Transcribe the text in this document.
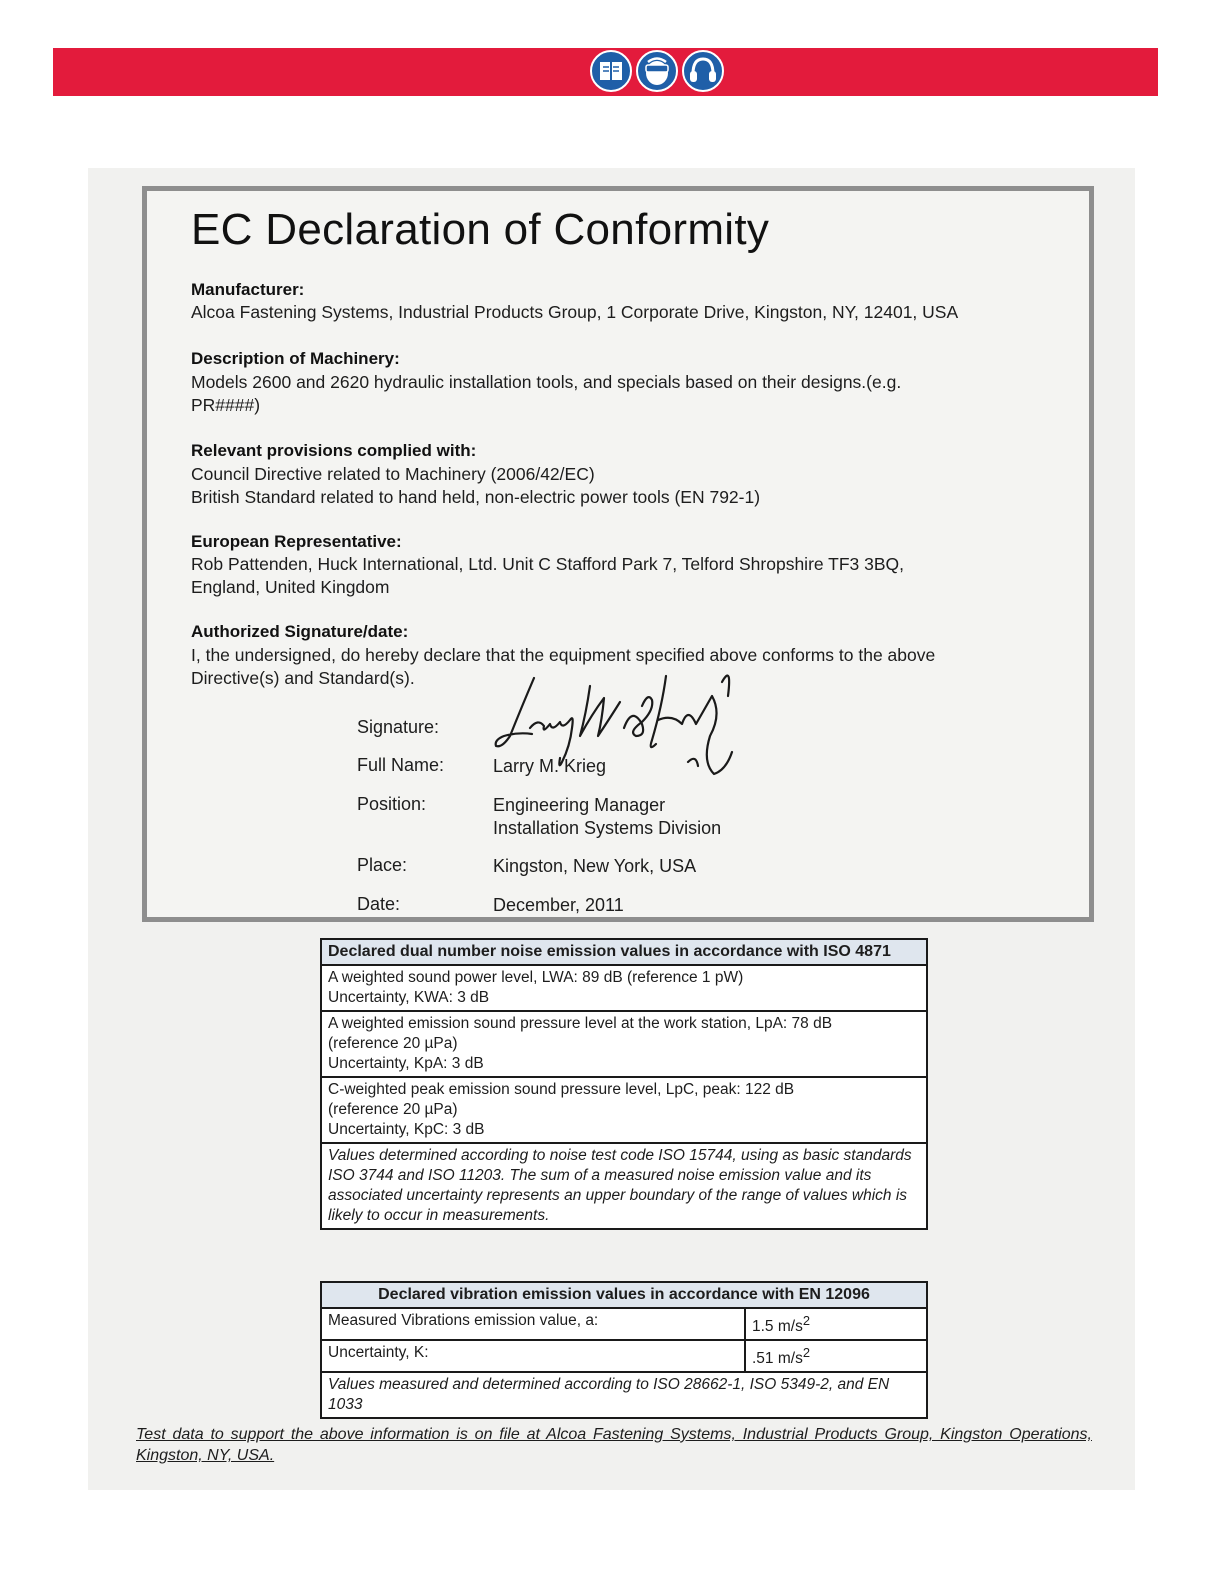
EC Declaration of Conformity
Manufacturer:
Alcoa Fastening Systems, Industrial Products Group, 1 Corporate Drive, Kingston, NY, 12401, USA
Description of Machinery:
Models 2600 and 2620 hydraulic installation tools, and specials based on their designs.(e.g.
PR####)
Relevant provisions complied with:
Council Directive related to Machinery (2006/42/EC)
British Standard related to hand held, non-electric power tools (EN 792-1)
European Representative:
Rob Pattenden, Huck International, Ltd. Unit C Stafford Park 7, Telford Shropshire TF3 3BQ,
England, United Kingdom
Authorized Signature/date:
I, the undersigned, do hereby declare that the equipment specified above conforms to the above
Directive(s) and Standard(s).
Signature:
Full Name:	Larry M. Krieg
Position:	Engineering Manager
Installation Systems Division
Place:	Kingston, New York, USA
Date:	December, 2011
Declared dual number noise emission values in accordance with ISO 4871

A weighted sound power level, LWA: 89 dB (reference 1 pW)
Uncertainty, KWA: 3 dB

A weighted emission sound pressure level at the work station, LpA: 78 dB
(reference 20 µPa)
Uncertainty, KpA: 3 dB

C-weighted peak emission sound pressure level, LpC, peak: 122 dB
(reference 20 µPa)
Uncertainty, KpC: 3 dB

Values determined according to noise test code ISO 15744, using as basic standards ISO 3744 and ISO 11203. The sum of a measured noise emission value and its associated uncertainty represents an upper boundary of the range of values which is likely to occur in measurements.
Declared vibration emission values in accordance with EN 12096	
Measured Vibrations emission value, a:	1.5 $m/s^2$
Uncertainty, K:	.51 $m/s^2$
Values measured and determined according to ISO 28662-1, ISO 5349-2, and EN 1033	
Test data to support the above information is on file at Alcoa Fastening Systems, Industrial Products Group, Kingston Operations, Kingston, NY, USA.
